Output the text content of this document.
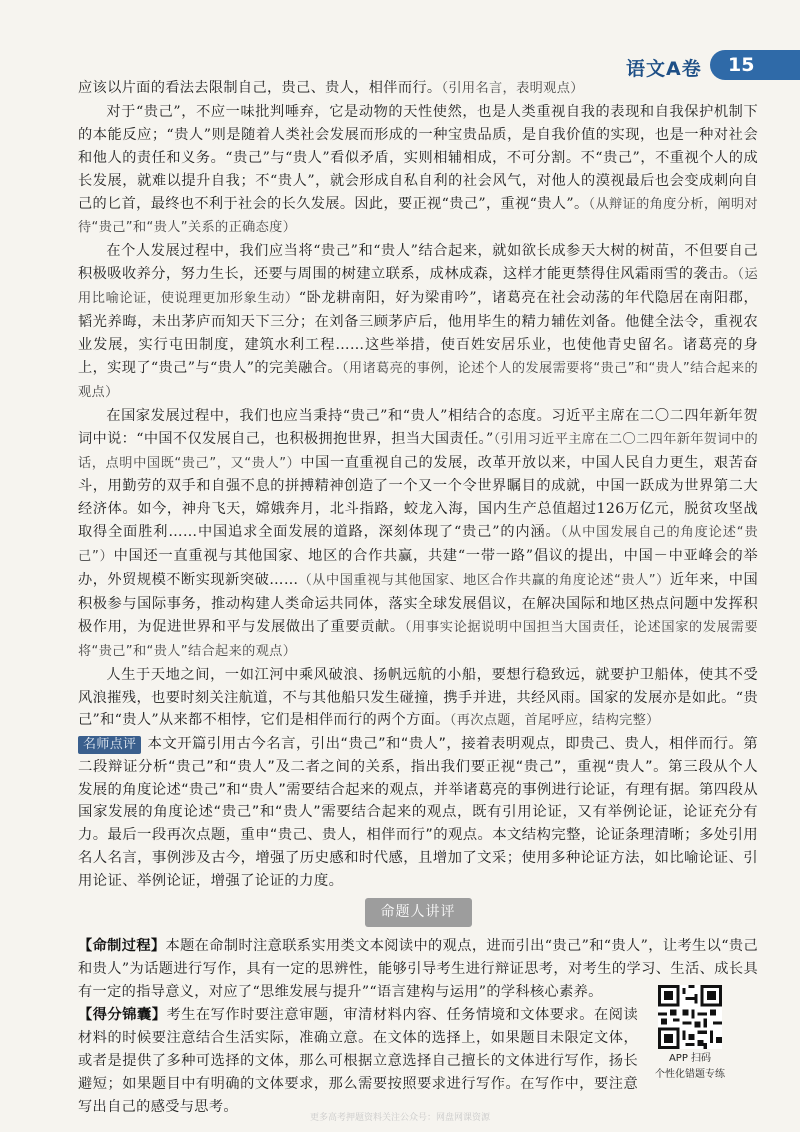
语文A卷 15

应该以片面的看法去限制自己，贵己、贵人，相伴而行。（引用名言，表明观点）

对于“贵己”，不应一味批判唾弃，它是动物的天性使然，也是人类重视自我的表现和自我保护机制下的本能反应；“贵人”则是随着人类社会发展而形成的一种宝贵品质，是自我价值的实现，也是一种对社会和他人的责任和义务。“贵己”与“贵人”看似矛盾，实则相辅相成，不可分割。不“贵己”，不重视个人的成长发展，就难以提升自我；不“贵人”，就会形成自私自利的社会风气，对他人的漠视最后也会变成刺向自己的匕首，最终也不利于社会的长久发展。因此，要正视“贵己”，重视“贵人”。（从辩证的角度分析，阐明对待“贵己”和“贵人”关系的正确态度）

在个人发展过程中，我们应当将“贵己”和“贵人”结合起来，就如欲长成参天大树的树苗，不但要自己积极吸收养分，努力生长，还要与周围的树建立联系，成林成森，这样才能更禁得住风霜雨雪的袭击。（运用比喻论证，使说理更加形象生动）“卧龙耕南阳，好为梁甫吟”，诸葛亮在社会动荡的年代隐居在南阳郡，韬光养晦，未出茅庐而知天下三分；在刘备三顾茅庐后，他用毕生的精力辅佐刘备。他健全法令，重视农业发展，实行屯田制度，建筑水利工程……这些举措，使百姓安居乐业，也使他青史留名。诸葛亮的身上，实现了“贵己”与“贵人”的完美融合。（用诸葛亮的事例，论述个人的发展需要将“贵己”和“贵人”结合起来的观点）

在国家发展过程中，我们也应当秉持“贵己”和“贵人”相结合的态度。习近平主席在二〇二四年新年贺词中说：“中国不仅发展自己，也积极拥抱世界，担当大国责任。”（引用习近平主席在二〇二四年新年贺词中的话，点明中国既“贵己”，又“贵人”）中国一直重视自己的发展，改革开放以来，中国人民自力更生，艰苦奋斗，用勤劳的双手和自强不息的拼搏精神创造了一个又一个令世界瞩目的成就，中国一跃成为世界第二大经济体。如今，神舟飞天，嫦娥奔月，北斗指路，蛟龙入海，国内生产总值超过126万亿元，脱贫攻坚战取得全面胜利……中国追求全面发展的道路，深刻体现了“贵己”的内涵。（从中国发展自己的角度论述“贵己”）中国还一直重视与其他国家、地区的合作共赢，共建“一带一路”倡议的提出，中国－中亚峰会的举办，外贸规模不断实现新突破……（从中国重视与其他国家、地区合作共赢的角度论述“贵人”）近年来，中国积极参与国际事务，推动构建人类命运共同体，落实全球发展倡议，在解决国际和地区热点问题中发挥积极作用，为促进世界和平与发展做出了重要贡献。（用事实论据说明中国担当大国责任，论述国家的发展需要将“贵己”和“贵人”结合起来的观点）

人生于天地之间，一如江河中乘风破浪、扬帆远航的小船，要想行稳致远，就要护卫船体，使其不受风浪摧残，也要时刻关注航道，不与其他船只发生碰撞，携手并进，共经风雨。国家的发展亦是如此。“贵己”和“贵人”从来都不相悖，它们是相伴而行的两个方面。（再次点题，首尾呼应，结构完整）

名师点评 本文开篇引用古今名言，引出“贵己”和“贵人”，接着表明观点，即贵己、贵人，相伴而行。第二段辩证分析“贵己”和“贵人”及二者之间的关系，指出我们要正视“贵己”，重视“贵人”。第三段从个人发展的角度论述“贵己”和“贵人”需要结合起来的观点，并举诸葛亮的事例进行论证，有理有据。第四段从国家发展的角度论述“贵己”和“贵人”需要结合起来的观点，既有引用论证，又有举例论证，论证充分有力。最后一段再次点题，重申“贵己、贵人，相伴而行”的观点。本文结构完整，论证条理清晰；多处引用名人名言，事例涉及古今，增强了历史感和时代感，且增加了文采；使用多种论证方法，如比喻论证、引用论证、举例论证，增强了论证的力度。

命题人讲评

【命制过程】本题在命制时注意联系实用类文本阅读中的观点，进而引出“贵己”和“贵人”，让考生以“贵己和贵人”为话题进行写作，具有一定的思辨性，能够引导考生进行辩证思考，对考生的学习、生活、成长具有一定的指导意义，对应了“思维发展与提升”“语言建构与运用”的学科核心素养。

【得分锦囊】考生在写作时要注意审题，审清材料内容、任务情境和文体要求。在阅读材料的时候要注意结合生活实际，准确立意。在文体的选择上，如果题目未限定文体，或者是提供了多种可选择的文体，那么可根据立意选择自己擅长的文体进行写作，扬长避短；如果题目中有明确的文体要求，那么需要按照要求进行写作。在写作中，要注意写出自己的感受与思考。

APP 扫码
个性化错题专练
更多高考押题资料关注公众号：网盘网课资源
